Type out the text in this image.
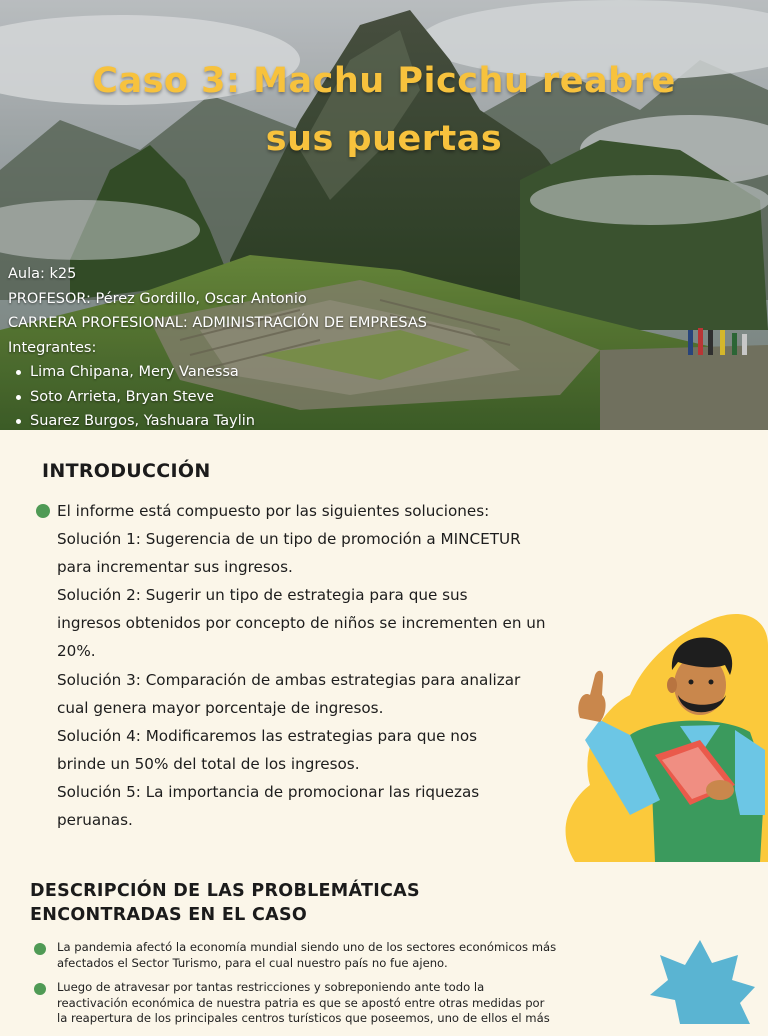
Caso 3: Machu Picchu reabre
sus puertas
Aula: k25
PROFESOR: Pérez Gordillo, Oscar Antonio
CARRERA PROFESIONAL: ADMINISTRACIÓN DE EMPRESAS
Integrantes:
Lima Chipana, Mery Vanessa
Soto Arrieta, Bryan Steve
Suarez Burgos, Yashuara Taylin
INTRODUCCIÓN
El informe está compuesto por las siguientes soluciones:
Solución 1: Sugerencia de un tipo de promoción a MINCETUR
para incrementar sus ingresos.
Solución 2: Sugerir un tipo de estrategia para que sus
ingresos obtenidos por concepto de niños se incrementen en un
20%.
Solución 3: Comparación de ambas estrategias para analizar
cual genera mayor porcentaje de ingresos.
Solución 4: Modificaremos las estrategias para que nos
brinde un 50% del total de los ingresos.
Solución 5: La importancia de promocionar las riquezas
peruanas.
DESCRIPCIÓN DE LAS PROBLEMÁTICAS
ENCONTRADAS EN EL CASO
La pandemia afectó la economía mundial siendo uno de los sectores económicos más
afectados el Sector Turismo, para el cual nuestro país no fue ajeno.
Luego de atravesar por tantas restricciones y sobreponiendo ante todo la
reactivación económica de nuestra patria es que se apostó entre otras medidas por
la reapertura de los principales centros turísticos que poseemos, uno de ellos el más
